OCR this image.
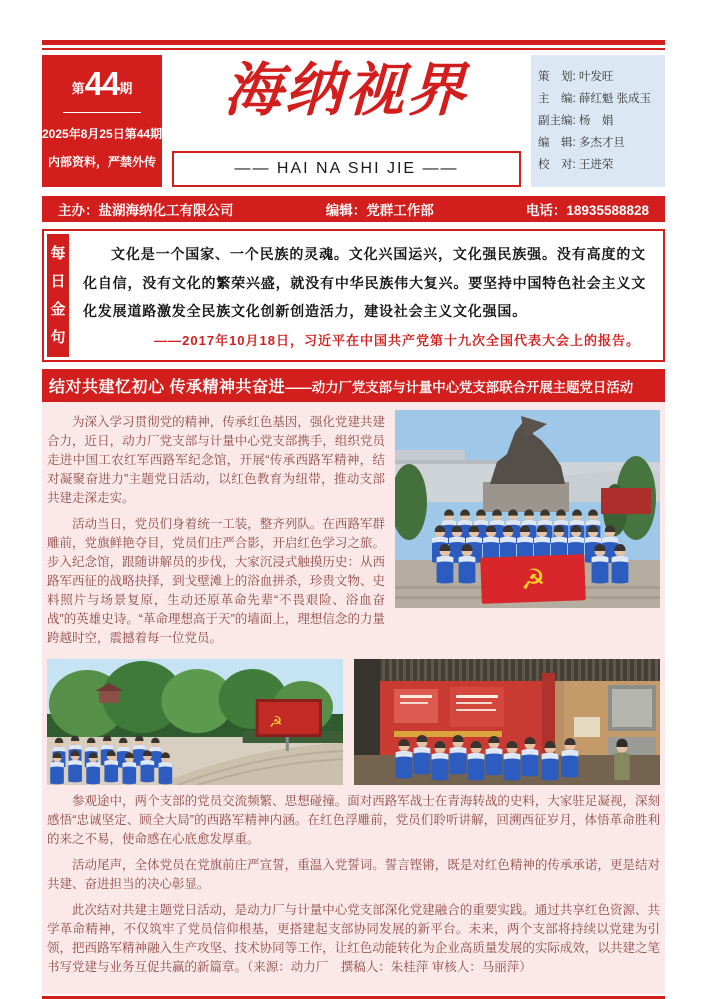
第44期
2025年8月25日第44期
内部资料，严禁外传
海纳视界
—— HAI NA SHI JIE ——
策　划: 叶发旺
主　编: 薛红魁 张成玉
副主编: 杨　娟
编　辑: 多杰才旦
校　对: 王进荣
主办：盐湖海纳化工有限公司	编辑：党群工作部	电话：18935588828
每
日
金
句
文化是一个国家、一个民族的灵魂。文化兴国运兴，文化强民族强。没有高度的文化自信，没有文化的繁荣兴盛，就没有中华民族伟大复兴。要坚持中国特色社会主义文化发展道路激发全民族文化创新创造活力，建设社会主义文化强国。
——2017年10月18日，习近平在中国共产党第十九次全国代表大会上的报告。
结对共建忆初心 传承精神共奋进——动力厂党支部与计量中心党支部联合开展主题党日活动

为深入学习贯彻党的精神，传承红色基因，强化党建共建合力，近日，动力厂党支部与计量中心党支部携手，组织党员走进中国工农红军西路军纪念馆，开展“传承西路军精神，结对凝聚奋进力”主题党日活动，以红色教育为纽带，推动支部共建走深走实。

活动当日，党员们身着统一工装，整齐列队。在西路军群雕前，党旗鲜艳夺目，党员们庄严合影，开启红色学习之旅。步入纪念馆，跟随讲解员的步伐，大家沉浸式触摸历史：从西路军西征的战略抉择，到戈壁滩上的浴血拼杀，珍贵文物、史料照片与场景复原，生动还原革命先辈“不畏艰险、浴血奋战”的英雄史诗。“革命理想高于天”的墙面上，理想信念的力量跨越时空，震撼着每一位党员。

☭
☭

参观途中，两个支部的党员交流频繁、思想碰撞。面对西路军战士在青海转战的史料，大家驻足凝视，深刻感悟“忠诚坚定、顾全大局”的西路军精神内涵。在红色浮雕前，党员们聆听讲解，回溯西征岁月，体悟革命胜利的来之不易，使命感在心底愈发厚重。

活动尾声，全体党员在党旗前庄严宣誓，重温入党誓词。誓言铿锵，既是对红色精神的传承承诺，更是结对共建、奋进担当的决心彰显。

此次结对共建主题党日活动，是动力厂与计量中心党支部深化党建融合的重要实践。通过共享红色资源、共学革命精神，不仅筑牢了党员信仰根基，更搭建起支部协同发展的新平台。未来，两个支部将持续以党建为引领，把西路军精神融入生产攻坚、技术协同等工作，让红色动能转化为企业高质量发展的实际成效，以共建之笔书写党建与业务互促共赢的新篇章。（来源：动力厂　撰稿人：朱桂萍 审核人：马丽萍）
